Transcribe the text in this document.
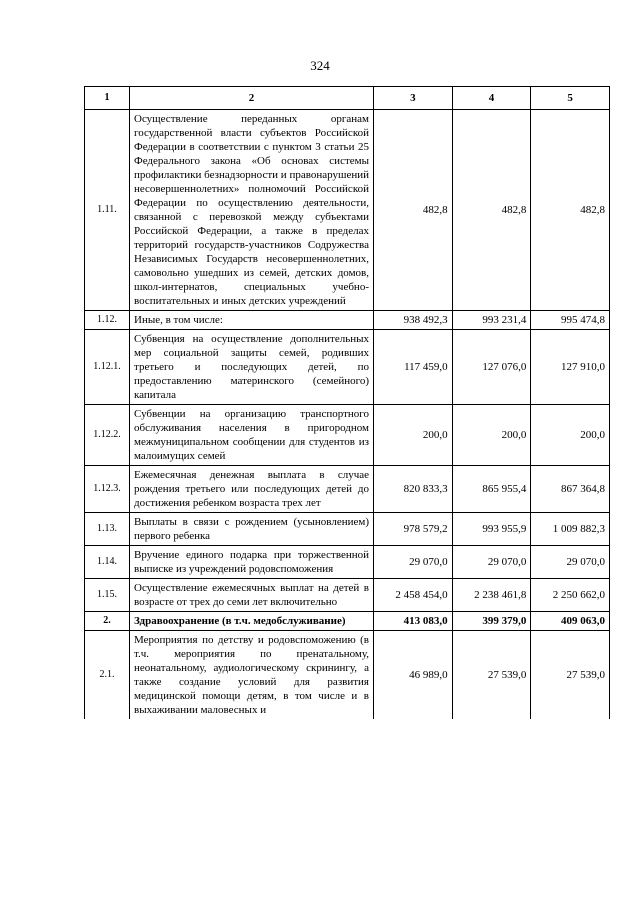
324
1	2	3	4	5
1.11.	Осуществление переданных органам государственной власти субъектов Российской Федерации в соответствии с пунктом 3 статьи 25 Федерального закона «Об основах системы профилактики безнадзорности и правонарушений несовершеннолетних» полномочий Российской Федерации по осуществлению деятельности, связанной с перевозкой между субъектами Российской Федерации, а также в пределах территорий государств-участников Содружества Независимых Государств несовершеннолетних, самовольно ушедших из семей, детских домов, школ-интернатов, специальных учебно-воспитательных и иных детских учреждений	482,8	482,8	482,8
1.12.	Иные, в том числе:	938 492,3	993 231,4	995 474,8
1.12.1.	Субвенция на осуществление дополнительных мер социальной защиты семей, родивших третьего и последующих детей, по предоставлению материнского (семейного) капитала	117 459,0	127 076,0	127 910,0
1.12.2.	Субвенции на организацию транспортного обслуживания населения в пригородном межмуниципальном сообщении для студентов из малоимущих семей	200,0	200,0	200,0
1.12.3.	Ежемесячная денежная выплата в случае рождения третьего или последующих детей до достижения ребенком возраста трех лет	820 833,3	865 955,4	867 364,8
1.13.	Выплаты в связи с рождением (усыновлением) первого ребенка	978 579,2	993 955,9	1 009 882,3
1.14.	Вручение единого подарка при торжественной выписке из учреждений родовспоможения	29 070,0	29 070,0	29 070,0
1.15.	Осуществление ежемесячных выплат на детей в возрасте от трех до семи лет включительно	2 458 454,0	2 238 461,8	2 250 662,0
2.	Здравоохранение (в т.ч. медобслуживание)	413 083,0	399 379,0	409 063,0
2.1.	Мероприятия по детству и родовспоможению (в т.ч. мероприятия по пренатальному, неонатальному, аудиологическому скринингу, а также создание условий для развития медицинской помощи детям, в том числе и в выхаживании маловесных и	46 989,0	27 539,0	27 539,0
